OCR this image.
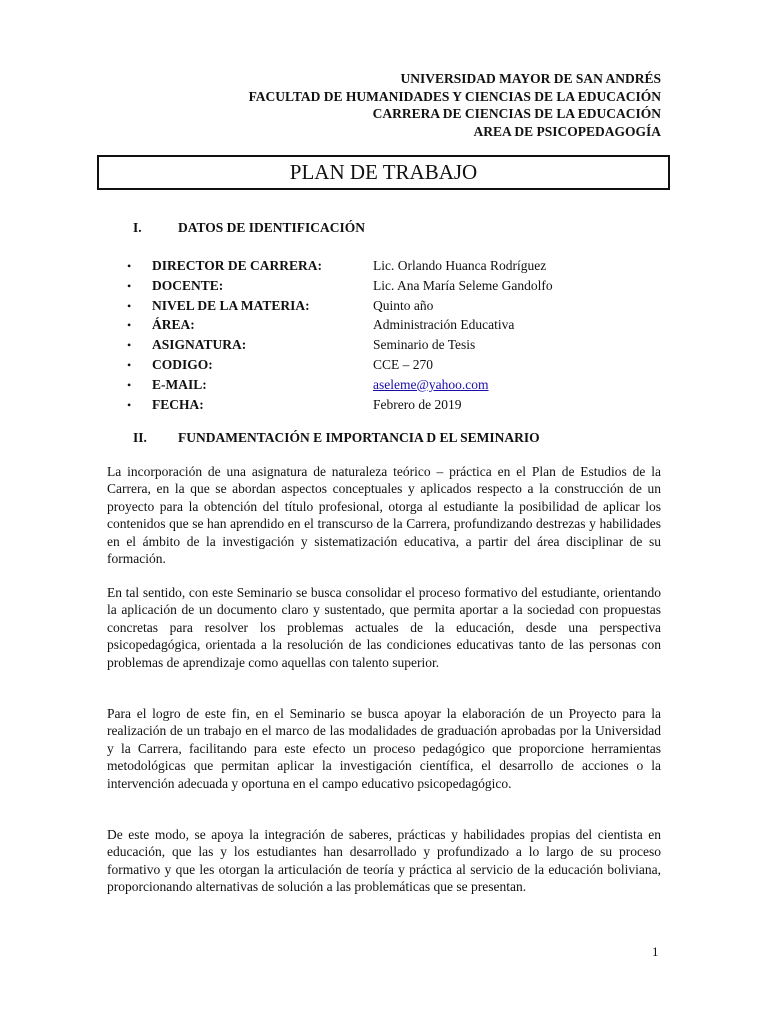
UNIVERSIDAD MAYOR DE SAN ANDRÉS
FACULTAD DE HUMANIDADES Y CIENCIAS DE LA EDUCACIÓN
CARRERA DE CIENCIAS DE LA EDUCACIÓN
AREA DE PSICOPEDAGOGÍA
PLAN DE TRABAJO
I.	DATOS DE IDENTIFICACIÓN
• DIRECTOR DE CARRERA:	Lic. Orlando Huanca Rodríguez
• DOCENTE:	Lic. Ana María Seleme Gandolfo
• NIVEL DE LA MATERIA:	Quinto año
• ÁREA:	Administración Educativa
• ASIGNATURA:	Seminario de Tesis
• CODIGO:	CCE – 270
• E-MAIL:	aseleme@yahoo.com
• FECHA:	Febrero de 2019
II. FUNDAMENTACIÓN E IMPORTANCIA D EL SEMINARIO

La incorporación de una asignatura de naturaleza teórico – práctica en el Plan de Estudios de la Carrera, en la que se abordan aspectos conceptuales y aplicados respecto a la construcción de un proyecto para la obtención del título profesional, otorga al estudiante la posibilidad de aplicar los contenidos que se han aprendido en el transcurso de la Carrera, profundizando destrezas y habilidades en el ámbito de la investigación y sistematización educativa, a partir del área disciplinar de su formación.

En tal sentido, con este Seminario se busca consolidar el proceso formativo del estudiante, orientando la aplicación de un documento claro y sustentado, que permita aportar a la sociedad con propuestas concretas para resolver los problemas actuales de la educación, desde una perspectiva psicopedagógica, orientada a la resolución de las condiciones educativas tanto de las personas con problemas de aprendizaje como aquellas con talento superior.

Para el logro de este fin, en el Seminario se busca apoyar la elaboración de un Proyecto para la realización de un trabajo en el marco de las modalidades de graduación aprobadas por la Universidad y la Carrera, facilitando para este efecto un proceso pedagógico que proporcione herramientas metodológicas que permitan aplicar la investigación científica, el desarrollo de acciones o la intervención adecuada y oportuna en el campo educativo psicopedagógico.

De este modo, se apoya la integración de saberes, prácticas y habilidades propias del cientista en educación, que las y los estudiantes han desarrollado y profundizado a lo largo de su proceso formativo y que les otorgan la articulación de teoría y práctica al servicio de la educación boliviana, proporcionando alternativas de solución a las problemáticas que se presentan.

1
